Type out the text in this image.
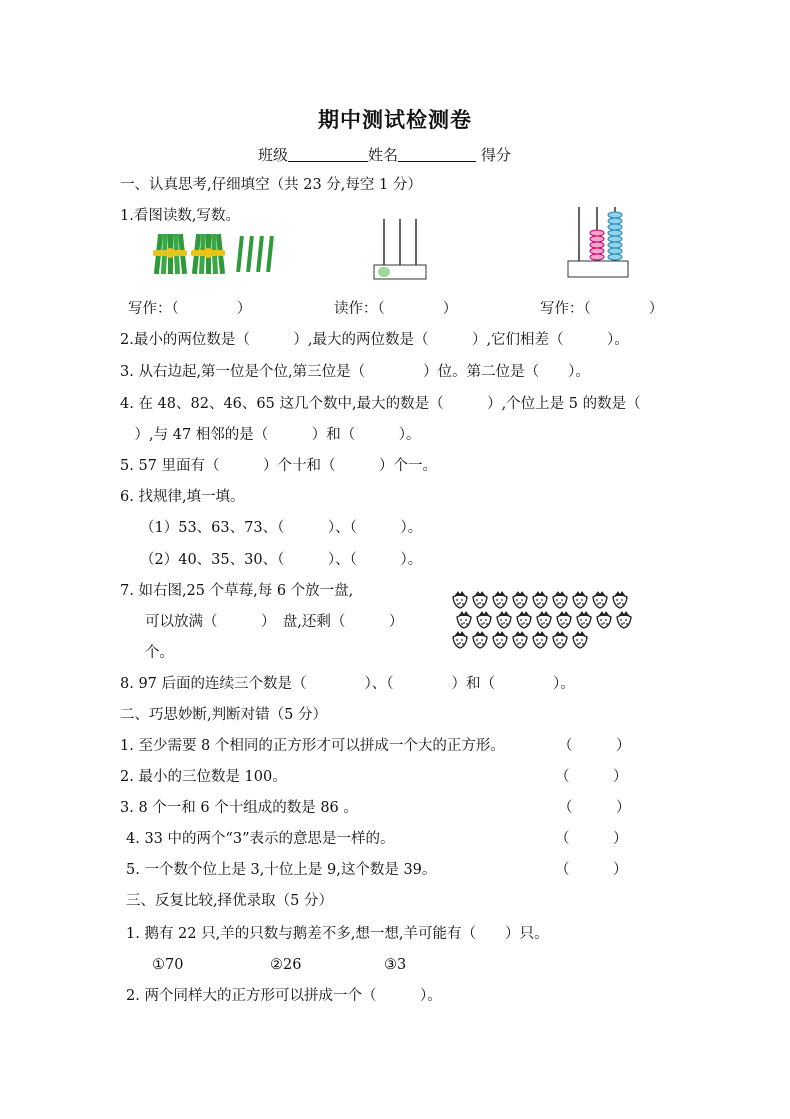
期中测试检测卷
班级	姓名	得分
一、认真思考,仔细填空（共 23 分,每空 1 分）
1.看图读数,写数。
写作：（　　　　）	读作：（　　　　）	写作：（　　　　）
2.最小的两位数是（　　　）,最大的两位数是（　　　）,它们相差（　　　）。
3. 从右边起,第一位是个位,第三位是（　　　　）位。第二位是（　　）。
4. 在 48、82、46、65 这几个数中,最大的数是（　　　）,个位上是 5 的数是（
　）,与 47 相邻的是（　　　）和（　　　）。
5. 57 里面有（　　　）个十和（　　　）个一。
6. 找规律,填一填。
（1）53、63、73、（　　　）、（　　　）。
（2）40、35、30、（　　　）、（　　　）。
7. 如右图,25 个草莓,每 6 个放一盘,
可以放满（　　　）　盘,还剩（　　　）
个。
8. 97 后面的连续三个数是（　　　　）、（　　　　）和（　　　　）。
二、巧思妙断,判断对错（5 分）
1. 至少需要 8 个相同的正方形才可以拼成一个大的正方形。	（　　　）
2. 最小的三位数是 100。	（　　　）
3. 8 个一和 6 个十组成的数是 86 。	（　　　）
4. 33 中的两个“3”表示的意思是一样的。	（　　　）
5. 一个数个位上是 3,十位上是 9,这个数是 39。	（　　　）
三、反复比较,择优录取（5 分）
1. 鹅有 22 只,羊的只数与鹅差不多,想一想,羊可能有（　　）只。
①70	②26	③3
2. 两个同样大的正方形可以拼成一个（　　　）。
